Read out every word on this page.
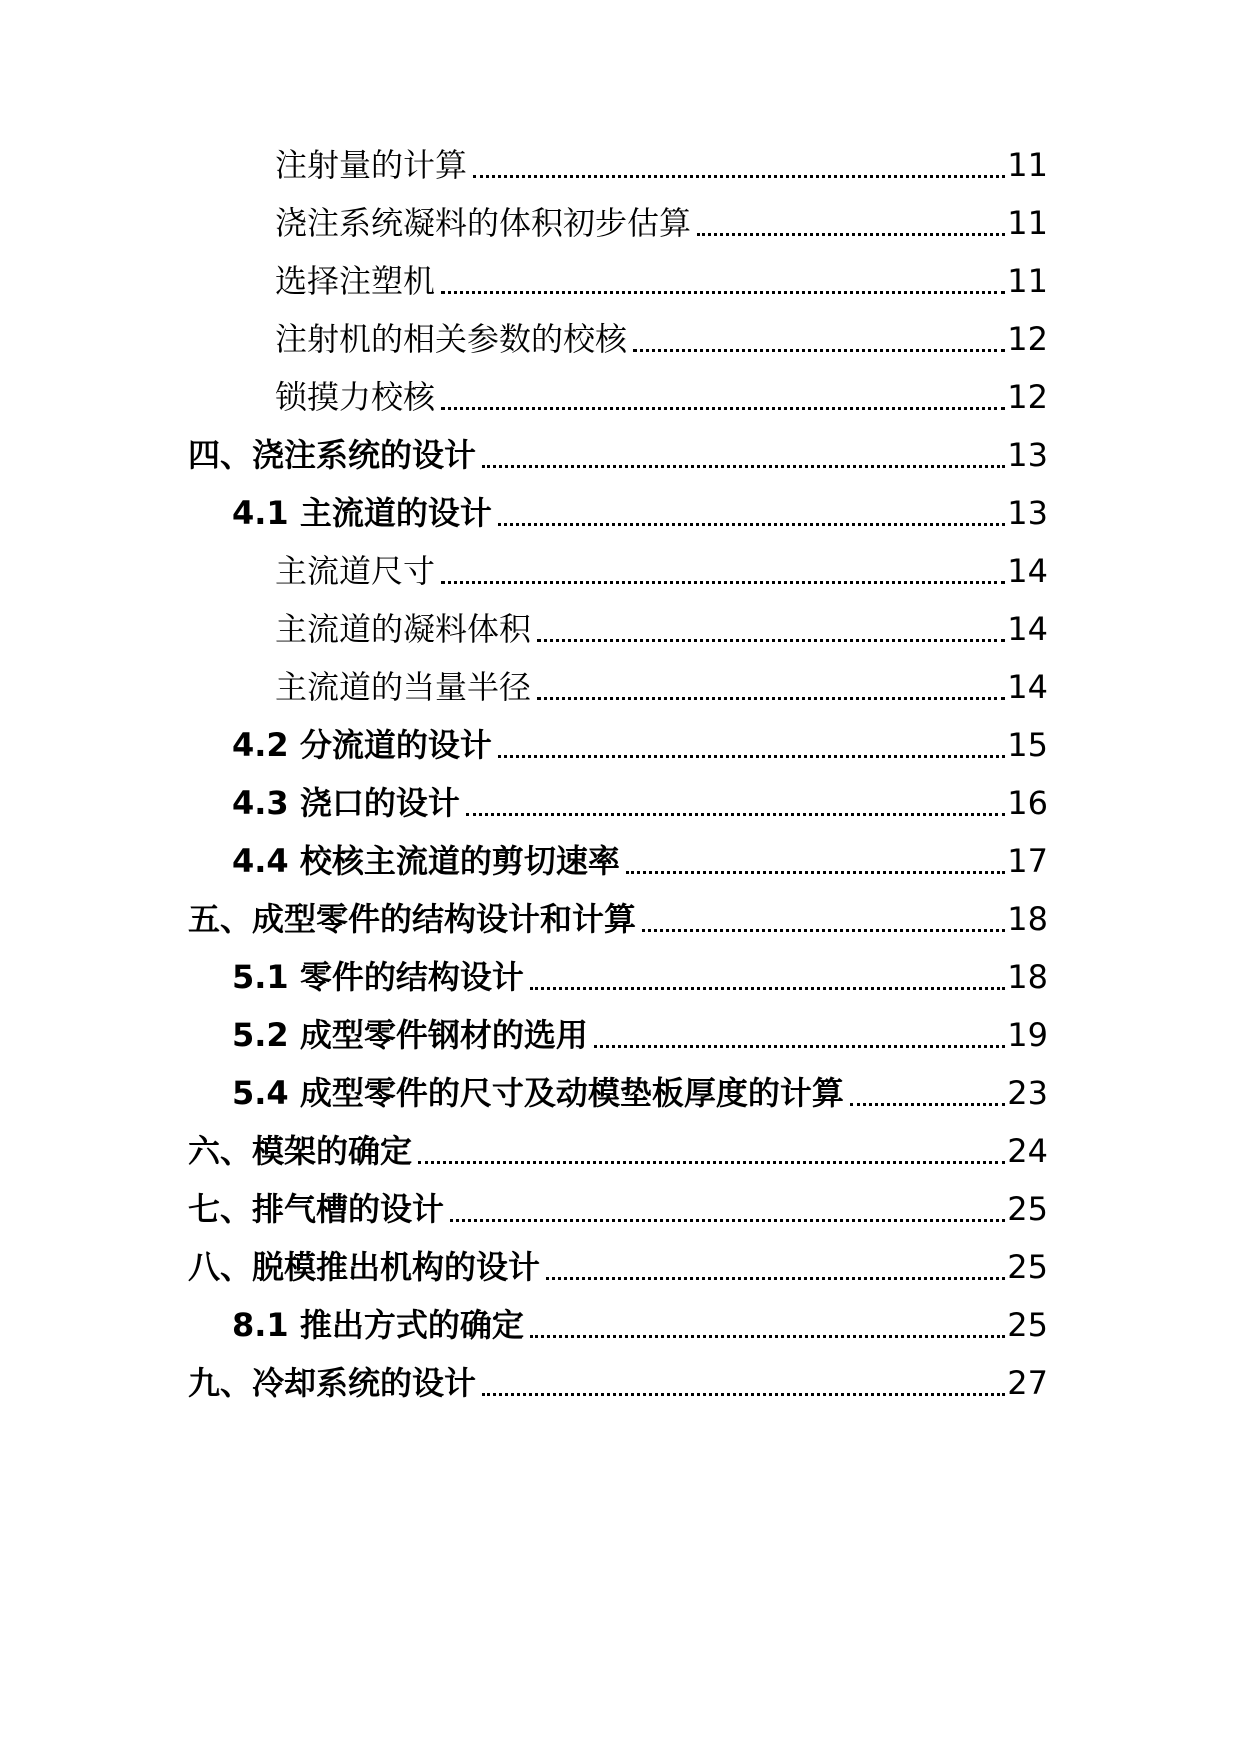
注射量的计算	11
浇注系统凝料的体积初步估算	11
选择注塑机	11
注射机的相关参数的校核	12
锁摸力校核	12
四、浇注系统的设计	13
4.1 主流道的设计	13
主流道尺寸	14
主流道的凝料体积	14
主流道的当量半径	14
4.2 分流道的设计	15
4.3 浇口的设计	16
4.4 校核主流道的剪切速率	17
五、成型零件的结构设计和计算	18
5.1 零件的结构设计	18
5.2 成型零件钢材的选用	19
5.4 成型零件的尺寸及动模垫板厚度的计算	23
六、模架的确定	24
七、排气槽的设计	25
八、脱模推出机构的设计	25
8.1 推出方式的确定	25
九、冷却系统的设计	27
